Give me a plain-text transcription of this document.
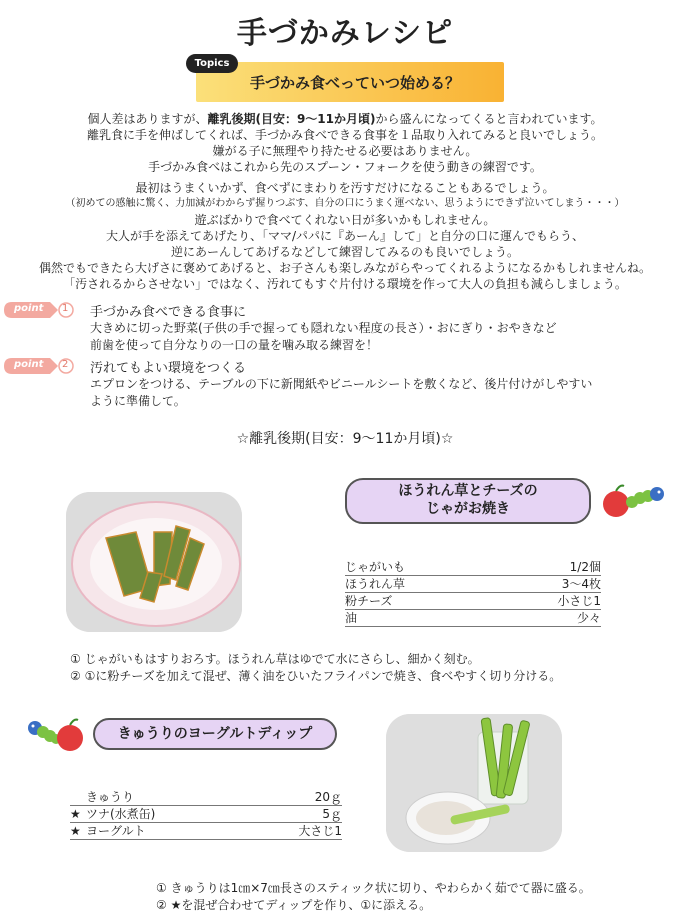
手づかみレシピ
Topics
手づかみ食べっていつ始める？

個人差はありますが、離乳後期(目安：9～11か月頃)から盛んになってくると言われています。

離乳食に手を伸ばしてくれば、手づかみ食べできる食事を１品取り入れてみると良いでしょう。

嫌がる子に無理やり持たせる必要はありません。

手づかみ食べはこれから先のスプーン・フォークを使う動きの練習です。

最初はうまくいかず、食べずにまわりを汚すだけになることもあるでしょう。

（初めての感触に驚く、力加減がわからず握りつぶす、自分の口にうまく運べない、思うようにできず泣いてしまう・・・）

遊ぶばかりで食べてくれない日が多いかもしれません。

大人が手を添えてあげたり、「ママ/パパに『あーん』して」と自分の口に運んでもらう、

逆にあーんしてあげるなどして練習してみるのも良いでしょう。

偶然でもできたら大げさに褒めてあげると、お子さんも楽しみながらやってくれるようになるかもしれませんね。

「汚されるからさせない」ではなく、汚れてもすぐ片付ける環境を作って大人の負担も減らしましょう。

point 1 手づかみ食べできる食事に
大きめに切った野菜(子供の手で握っても隠れない程度の長さ）・おにぎり・おやきなど
前歯を使って自分なりの一口の量を噛み取る練習を！
point 2 汚れてもよい環境をつくる
エプロンをつける、テーブルの下に新聞紙やビニールシートを敷くなど、後片付けがしやすい
ように準備して。
☆離乳後期(目安：9～11か月頃)☆
ほうれん草とチーズの
じゃがお焼き
じゃがいも	1/2個
ほうれん草	3～4枚
粉チーズ	小さじ1
油	少々
① じゃがいもはすりおろす。ほうれん草はゆでて水にさらし、細かく刻む。
② ①に粉チーズを加えて混ぜ、薄く油をひいたフライパンで焼き、食べやすく切り分ける。
きゅうりのヨーグルトディップ
きゅうり	20ｇ
★ ツナ(水煮缶)	5ｇ
★ ヨーグルト	大さじ1
① きゅうりは1㎝×7㎝長さのスティック状に切り、やわらかく茹でて器に盛る。
② ★を混ぜ合わせてディップを作り、①に添える。
